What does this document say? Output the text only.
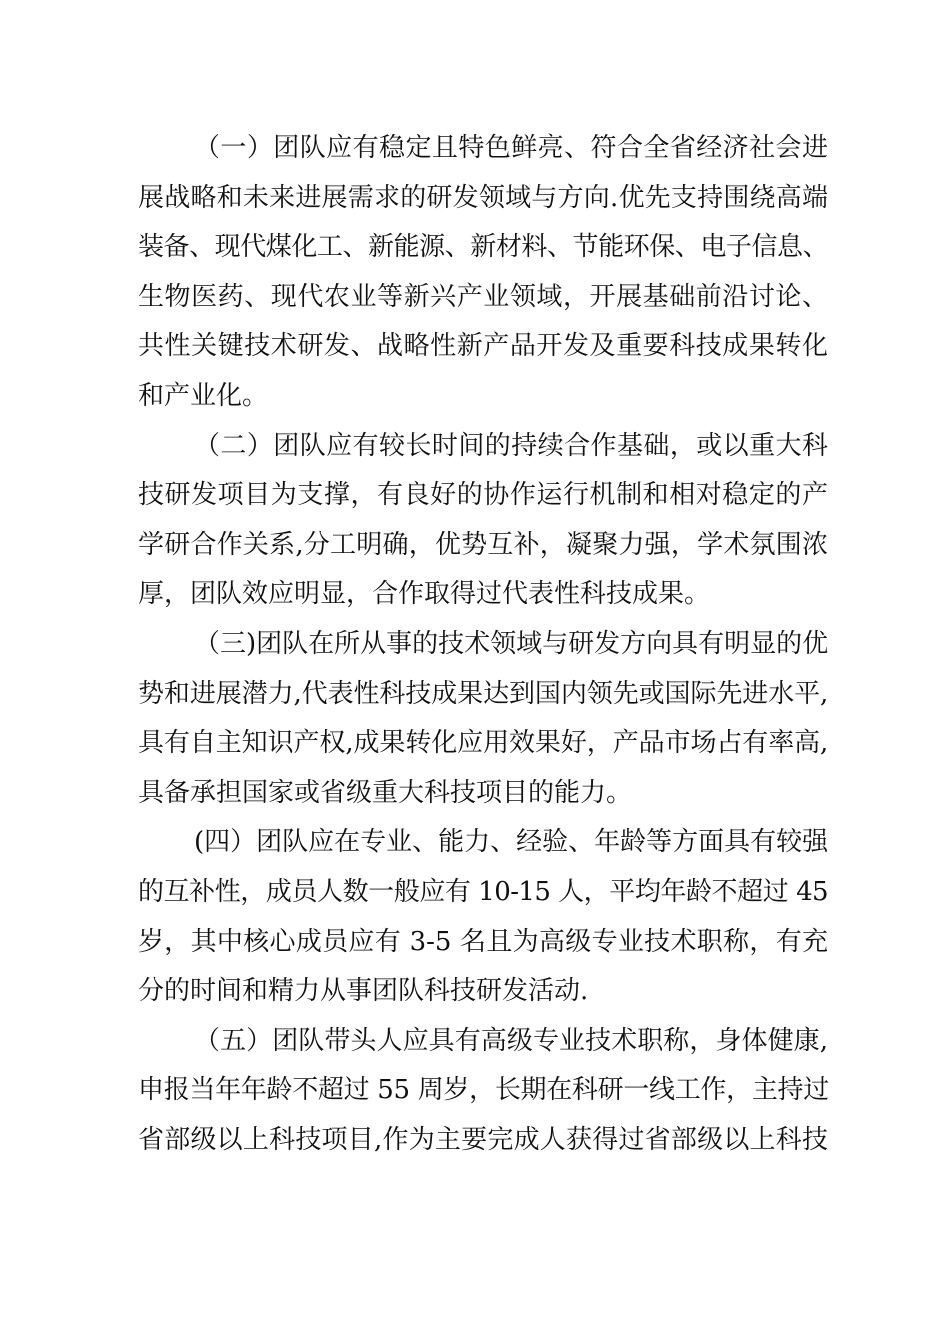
（一）团队应有稳定且特色鲜亮、符合全省经济社会进
展战略和未来进展需求的研发领域与方向.优先支持围绕高端
装备、现代煤化工、新能源、新材料、节能环保、电子信息、
生物医药、现代农业等新兴产业领域，开展基础前沿讨论、
共性关键技术研发、战略性新产品开发及重要科技成果转化
和产业化。
（二）团队应有较长时间的持续合作基础，或以重大科
技研发项目为支撑，有良好的协作运行机制和相对稳定的产
学研合作关系,分工明确，优势互补，凝聚力强，学术氛围浓
厚，团队效应明显，合作取得过代表性科技成果。
（三)团队在所从事的技术领域与研发方向具有明显的优
势和进展潜力,代表性科技成果达到国内领先或国际先进水平,
具有自主知识产权,成果转化应用效果好，产品市场占有率高,
具备承担国家或省级重大科技项目的能力。
(四）团队应在专业、能力、经验、年龄等方面具有较强
的互补性，成员人数一般应有 10-15 人，平均年龄不超过 45
岁，其中核心成员应有 3-5 名且为高级专业技术职称，有充
分的时间和精力从事团队科技研发活动.
（五）团队带头人应具有高级专业技术职称，身体健康,
申报当年年龄不超过 55 周岁，长期在科研一线工作，主持过
省部级以上科技项目,作为主要完成人获得过省部级以上科技
